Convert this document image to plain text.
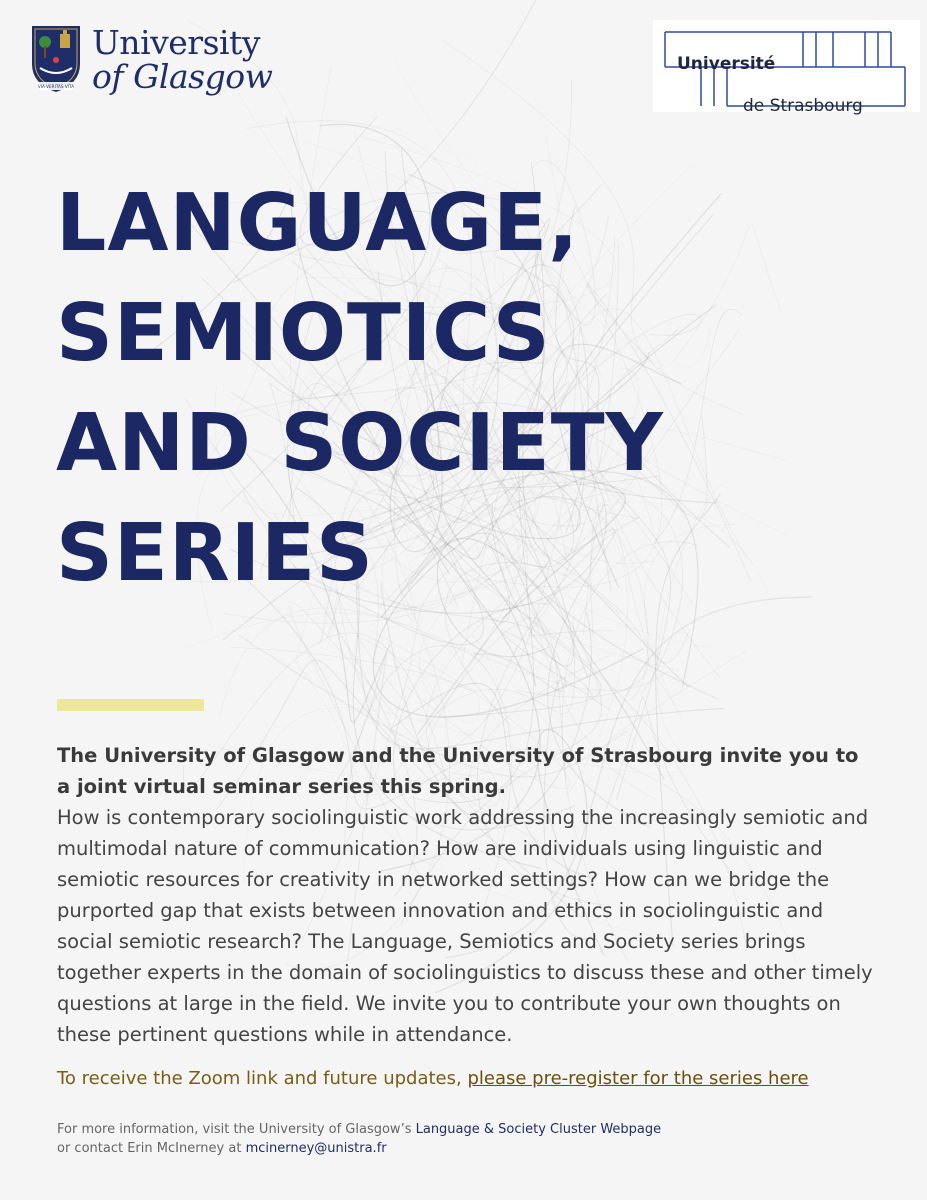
VIA VERITAS VITA
University
of Glasgow	Université
de Strasbourg
LANGUAGE,
SEMIOTICS
AND SOCIETY
SERIES

The University of Glasgow and the University of Strasbourg invite you to a joint virtual seminar series this spring.
How is contemporary sociolinguistic work addressing the increasingly semiotic and multimodal nature of communication? How are individuals using linguistic and semiotic resources for creativity in networked settings? How can we bridge the purported gap that exists between innovation and ethics in sociolinguistic and social semiotic research? The Language, Semiotics and Society series brings together experts in the domain of sociolinguistics to discuss these and other timely questions at large in the field. We invite you to contribute your own thoughts on these pertinent questions while in attendance.

To receive the Zoom link and future updates, please pre-register for the series here
For more information, visit the University of Glasgow’s Language & Society Cluster Webpage
or contact Erin McInerney at mcinerney@unistra.fr
